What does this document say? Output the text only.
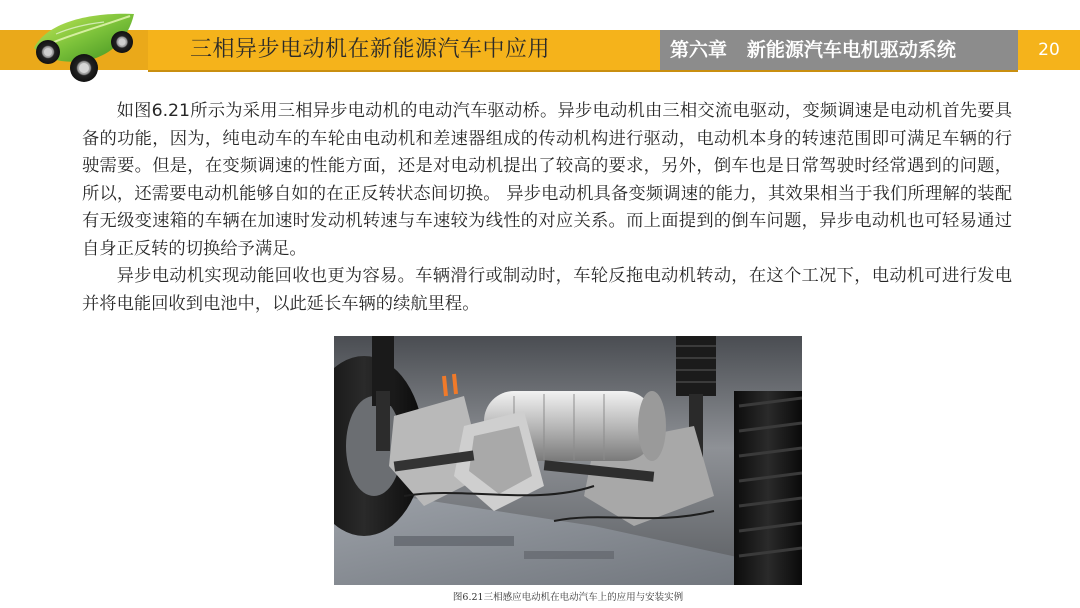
三相异步电动机在新能源汽车中应用	第六章   新能源汽车电机驱动系统	20

如图6.21所示为采用三相异步电动机的电动汽车驱动桥。异步电动机由三相交流电驱动，变频调速是电动机首先要具备的功能，因为，纯电动车的车轮由电动机和差速器组成的传动机构进行驱动，电动机本身的转速范围即可满足车辆的行驶需要。但是，在变频调速的性能方面，还是对电动机提出了较高的要求，另外，倒车也是日常驾驶时经常遇到的问题，所以，还需要电动机能够自如的在正反转状态间切换。 异步电动机具备变频调速的能力，其效果相当于我们所理解的装配有无级变速箱的车辆在加速时发动机转速与车速较为线性的对应关系。而上面提到的倒车问题，异步电动机也可轻易通过自身正反转的切换给予满足。

异步电动机实现动能回收也更为容易。车辆滑行或制动时，车轮反拖电动机转动，在这个工况下，电动机可进行发电并将电能回收到电池中，以此延长车辆的续航里程。

图6.21三相感应电动机在电动汽车上的应用与安装实例
